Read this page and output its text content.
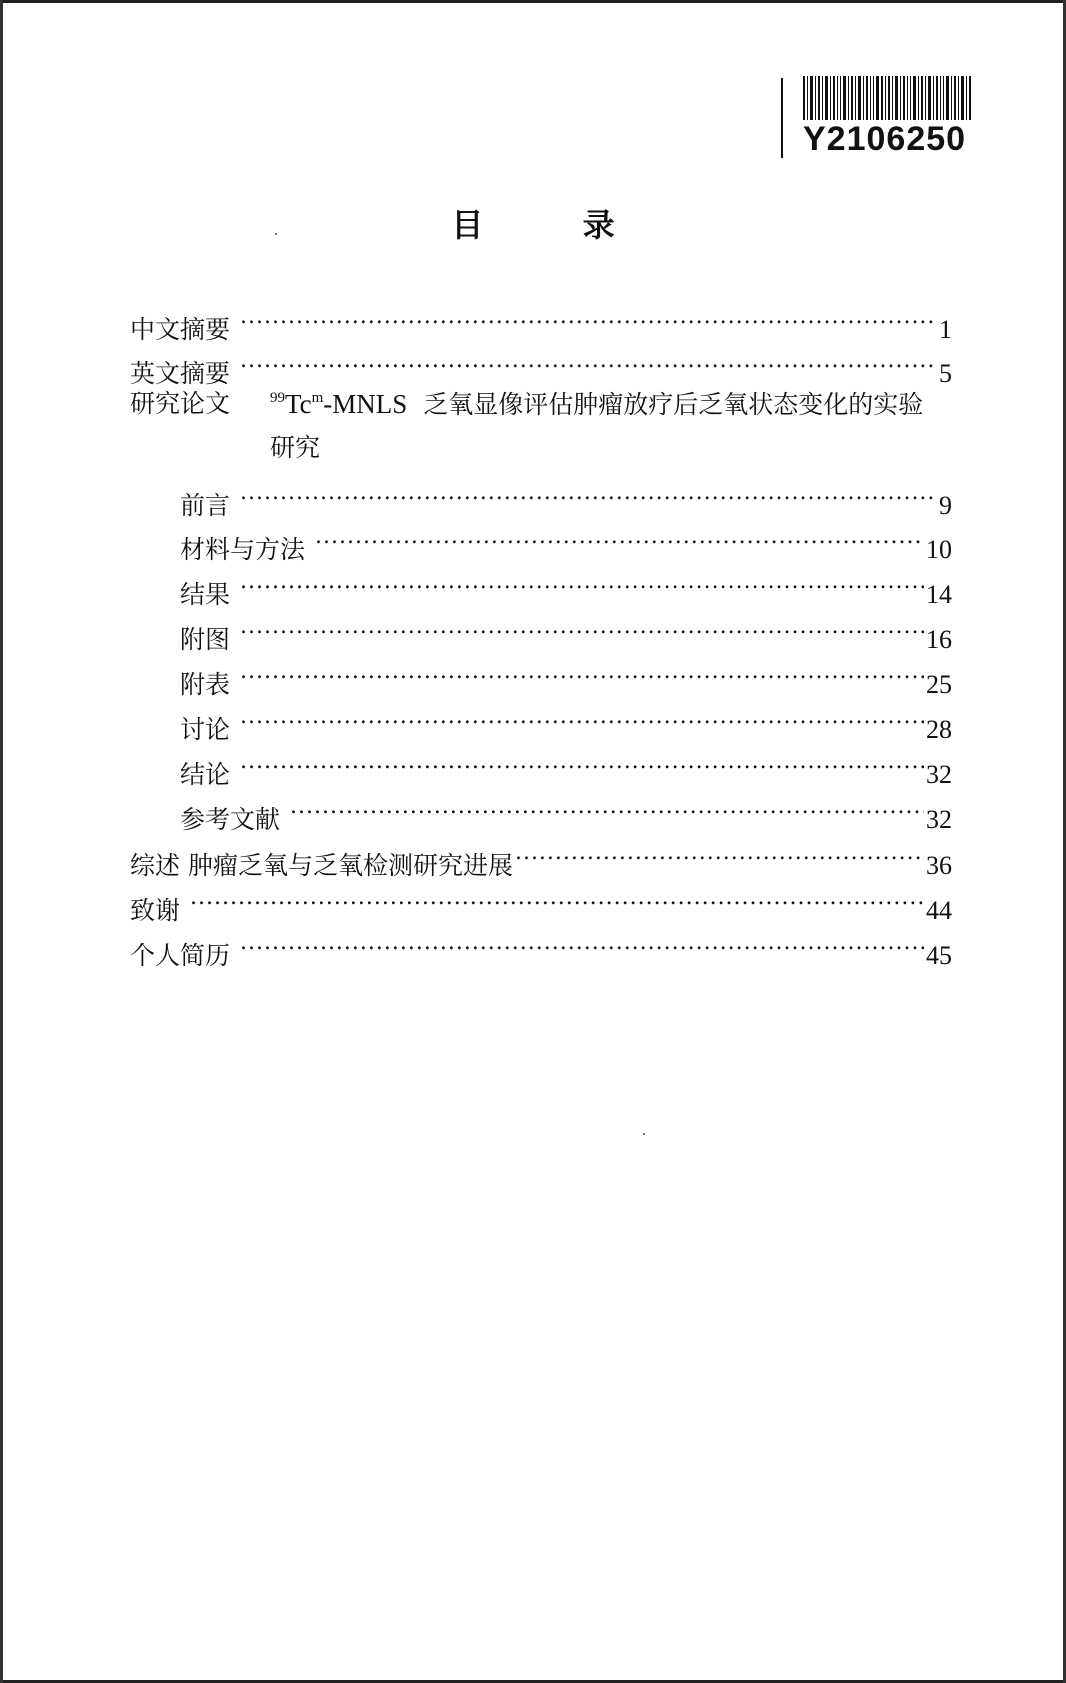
Y2106250
目 录
中文摘要 .....	1
英文摘要 .....	5
研究论文	$^{99}$Tc$^m$-MNLS 乏氧显像评估肿瘤放疗后乏氧状态变化的实验
研究
前言 .....	9
材料与方法 .....	10
结果 .....	14
附图 .....	16
附表 .....	25
讨论 .....	28
结论 .....	32
参考文献 .....	32
综述 肿瘤乏氧与乏氧检测研究进展 .....	36
致谢 .....	44
个人简历 .....	45
